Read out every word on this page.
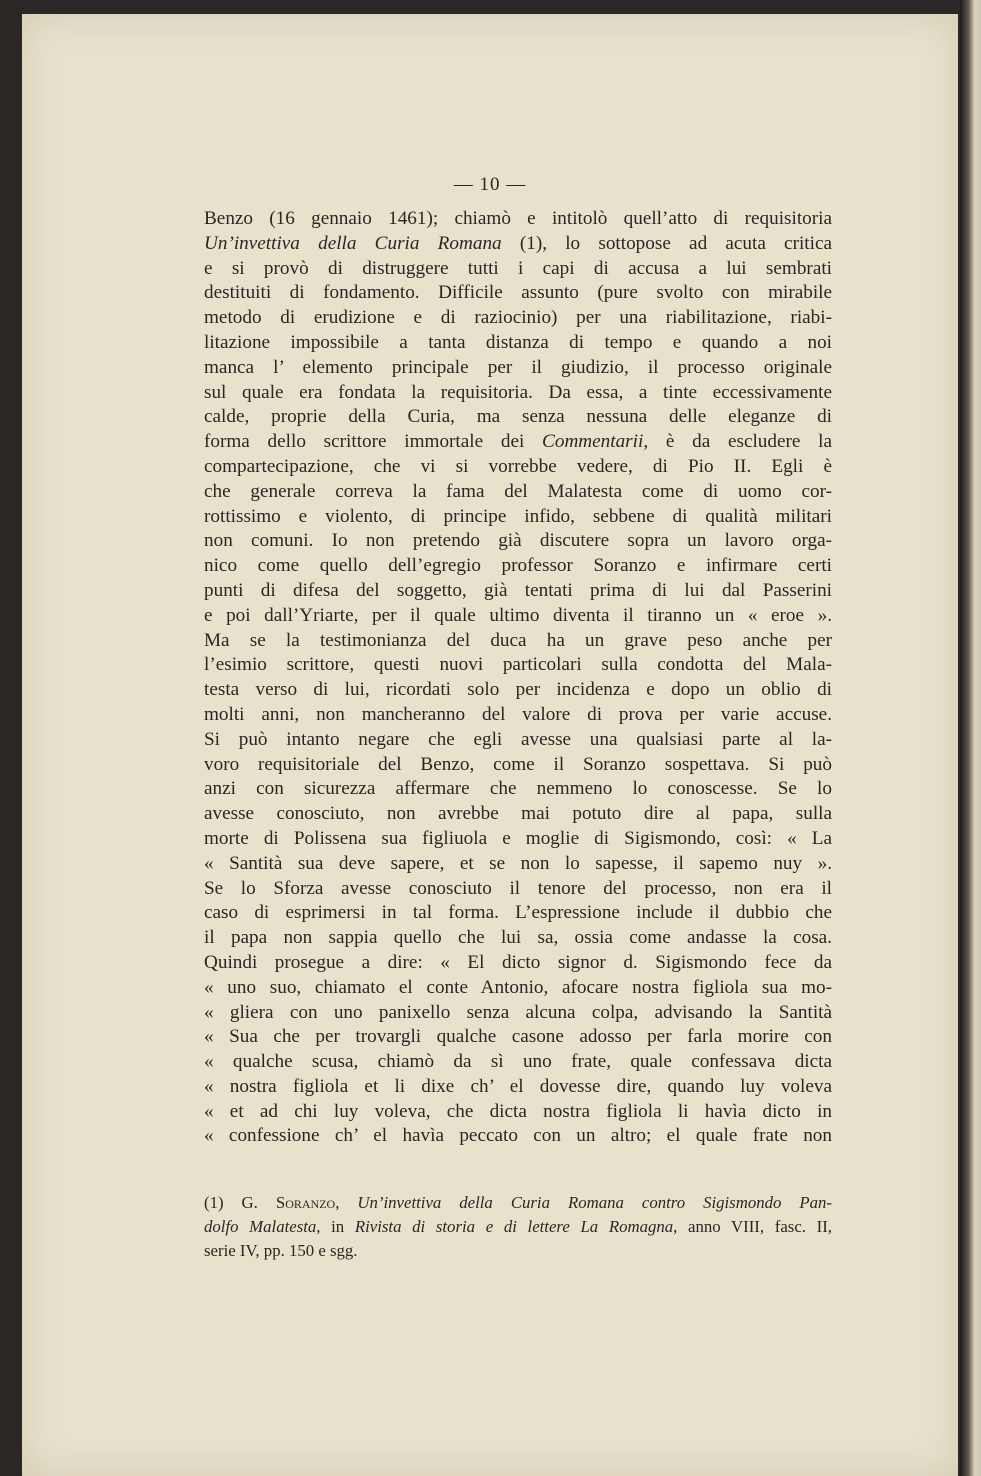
— 10 —
Benzo (16 gennaio 1461); chiamò e intitolò quell’atto di requisitoria
Un’invettiva della Curia Romana (1), lo sottopose ad acuta critica
e si provò di distruggere tutti i capi di accusa a lui sembrati
destituiti di fondamento. Difficile assunto (pure svolto con mirabile
metodo di erudizione e di raziocinio) per una riabilitazione, riabi-
litazione impossibile a tanta distanza di tempo e quando a noi
manca l’ elemento principale per il giudizio, il processo originale
sul quale era fondata la requisitoria. Da essa, a tinte eccessivamente
calde, proprie della Curia, ma senza nessuna delle eleganze di
forma dello scrittore immortale dei Commentarii, è da escludere la
compartecipazione, che vi si vorrebbe vedere, di Pio II. Egli è
che generale correva la fama del Malatesta come di uomo cor-
rottissimo e violento, di principe infido, sebbene di qualità militari
non comuni. Io non pretendo già discutere sopra un lavoro orga-
nico come quello dell’egregio professor Soranzo e infirmare certi
punti di difesa del soggetto, già tentati prima di lui dal Passerini
e poi dall’Yriarte, per il quale ultimo diventa il tiranno un « eroe ».
Ma se la testimonianza del duca ha un grave peso anche per
l’esimio scrittore, questi nuovi particolari sulla condotta del Mala-
testa verso di lui, ricordati solo per incidenza e dopo un oblio di
molti anni, non mancheranno del valore di prova per varie accuse.
Si può intanto negare che egli avesse una qualsiasi parte al la-
voro requisitoriale del Benzo, come il Soranzo sospettava. Si può
anzi con sicurezza affermare che nemmeno lo conoscesse. Se lo
avesse conosciuto, non avrebbe mai potuto dire al papa, sulla
morte di Polissena sua figliuola e moglie di Sigismondo, così: « La
« Santità sua deve sapere, et se non lo sapesse, il sapemo nuy ».
Se lo Sforza avesse conosciuto il tenore del processo, non era il
caso di esprimersi in tal forma. L’espressione include il dubbio che
il papa non sappia quello che lui sa, ossia come andasse la cosa.
Quindi prosegue a dire: « El dicto signor d. Sigismondo fece da
« uno suo, chiamato el conte Antonio, afocare nostra figliola sua mo-
« gliera con uno panixello senza alcuna colpa, advisando la Santità
« Sua che per trovargli qualche casone adosso per farla morire con
« qualche scusa, chiamò da sì uno frate, quale confessava dicta
« nostra figliola et li dixe ch’ el dovesse dire, quando luy voleva
« et ad chi luy voleva, che dicta nostra figliola li havìa dicto in
« confessione ch’ el havìa peccato con un altro; el quale frate non
(1) G. Soranzo, Un’invettiva della Curia Romana contro Sigismondo Pan-
dolfo Malatesta, in Rivista di storia e di lettere La Romagna, anno VIII, fasc. II,
serie IV, pp. 150 e sgg.
